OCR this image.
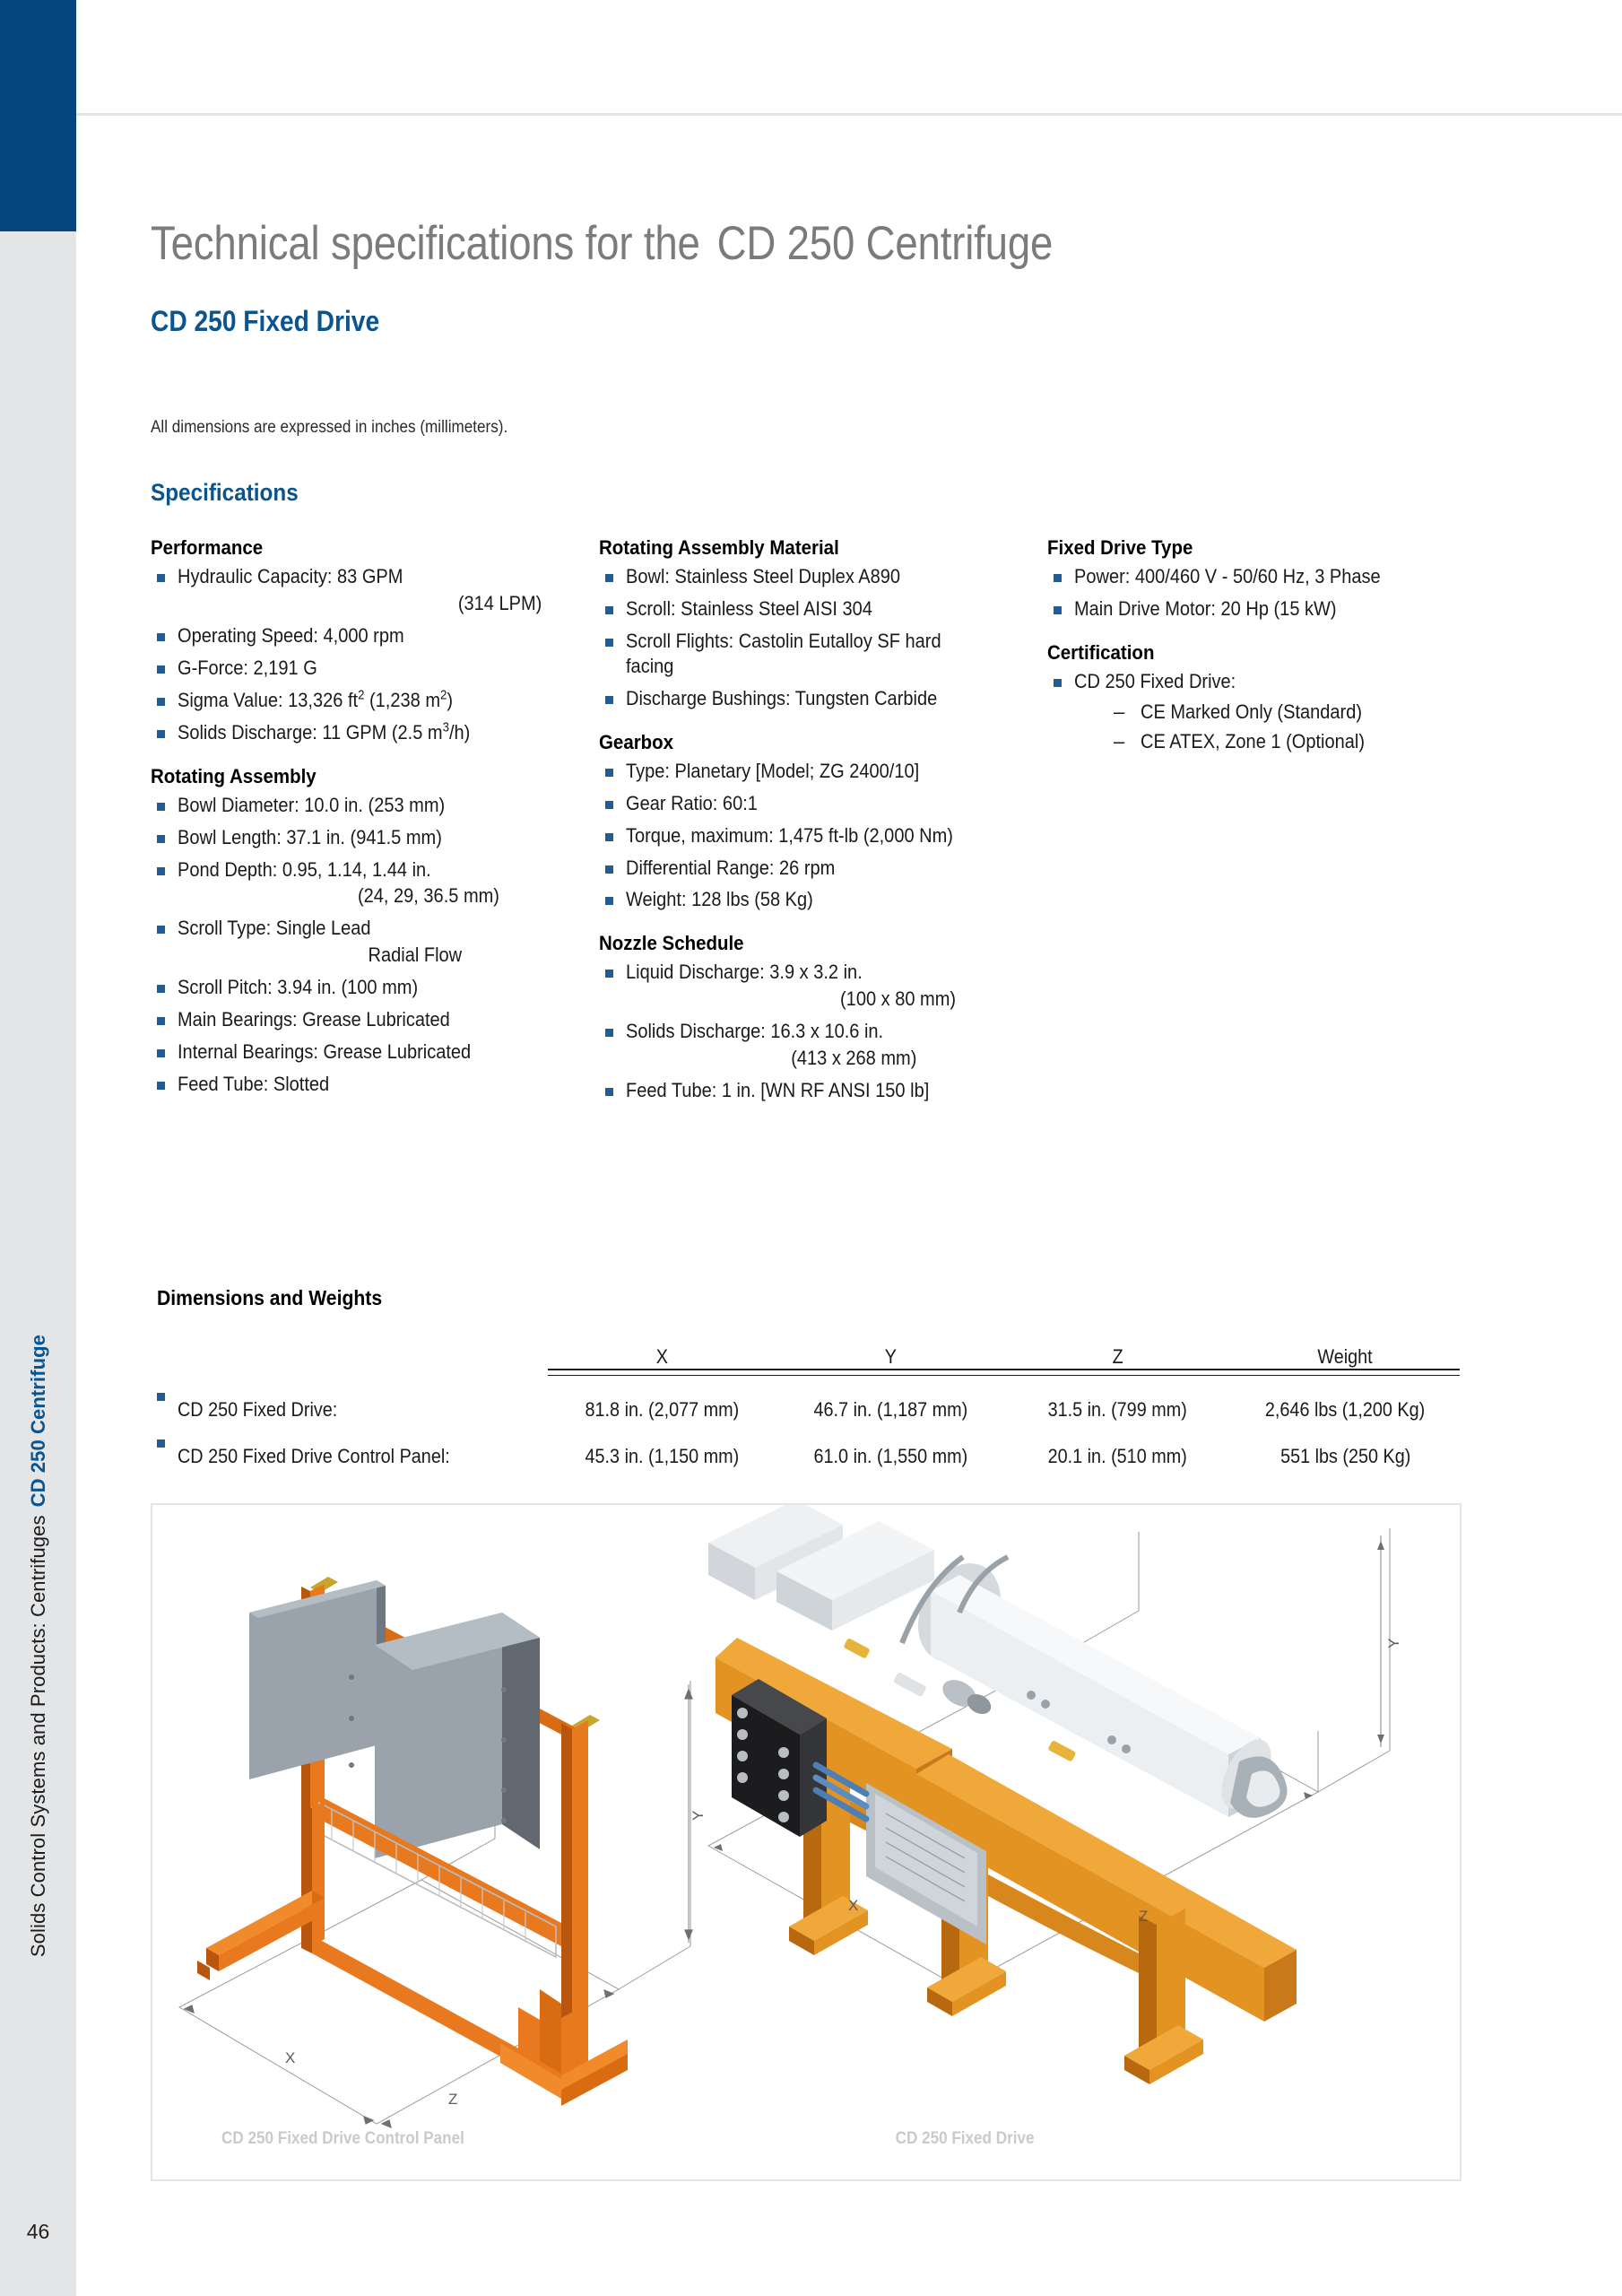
Solids Control Systems and Products: Centrifuges
CD 250 Centrifuge
46
Technical specifications for the CD 250 Centrifuge
CD 250 Fixed Drive
All dimensions are expressed in inches (millimeters).
Specifications
Performance
Hydraulic Capacity: 83 GPM
(314 LPM)
Operating Speed: 4,000 rpm
G-Force: 2,191 G
Sigma Value: 13,326 $ft^2$ (1,238 $m^2$)
Solids Discharge: 11 GPM (2.5 $m^3/h$)
Rotating Assembly
Bowl Diameter: 10.0 in. (253 mm)
Bowl Length: 37.1 in. (941.5 mm)
Pond Depth: 0.95, 1.14, 1.44 in.
(24, 29, 36.5 mm)
Scroll Type: Single Lead
Radial Flow
Scroll Pitch: 3.94 in. (100 mm)
Main Bearings: Grease Lubricated
Internal Bearings: Grease Lubricated
Feed Tube: Slotted
Rotating Assembly Material
Bowl: Stainless Steel Duplex A890
Scroll: Stainless Steel AISI 304
Scroll Flights: Castolin Eutalloy SF hard
facing
Discharge Bushings: Tungsten Carbide
Gearbox
Type: Planetary [Model; ZG 2400/10]
Gear Ratio: 60:1
Torque, maximum: 1,475 ft-lb (2,000 Nm)
Differential Range: 26 rpm
Weight: 128 lbs (58 Kg)
Nozzle Schedule
Liquid Discharge: 3.9 x 3.2 in.
(100 x 80 mm)
Solids Discharge: 16.3 x 10.6 in.
(413 x 268 mm)
Feed Tube: 1 in. [WN RF ANSI 150 lb]
Fixed Drive Type
Power: 400/460 V - 50/60 Hz, 3 Phase
Main Drive Motor: 20 Hp (15 kW)
Certification
CD 250 Fixed Drive:
– CE Marked Only (Standard)
– CE ATEX, Zone 1 (Optional)
Dimensions and Weights
	X	Y	Z	Weight

CD 250 Fixed Drive:	81.8 in. (2,077 mm)	46.7 in. (1,187 mm)	31.5 in. (799 mm)	2,646 lbs (1,200 Kg)
CD 250 Fixed Drive Control Panel:	45.3 in. (1,150 mm)	61.0 in. (1,550 mm)	20.1 in. (510 mm)	551 lbs (250 Kg)
X
Y
Z
X
Y
Z
CD 250 Fixed Drive Control Panel	CD 250 Fixed Drive
